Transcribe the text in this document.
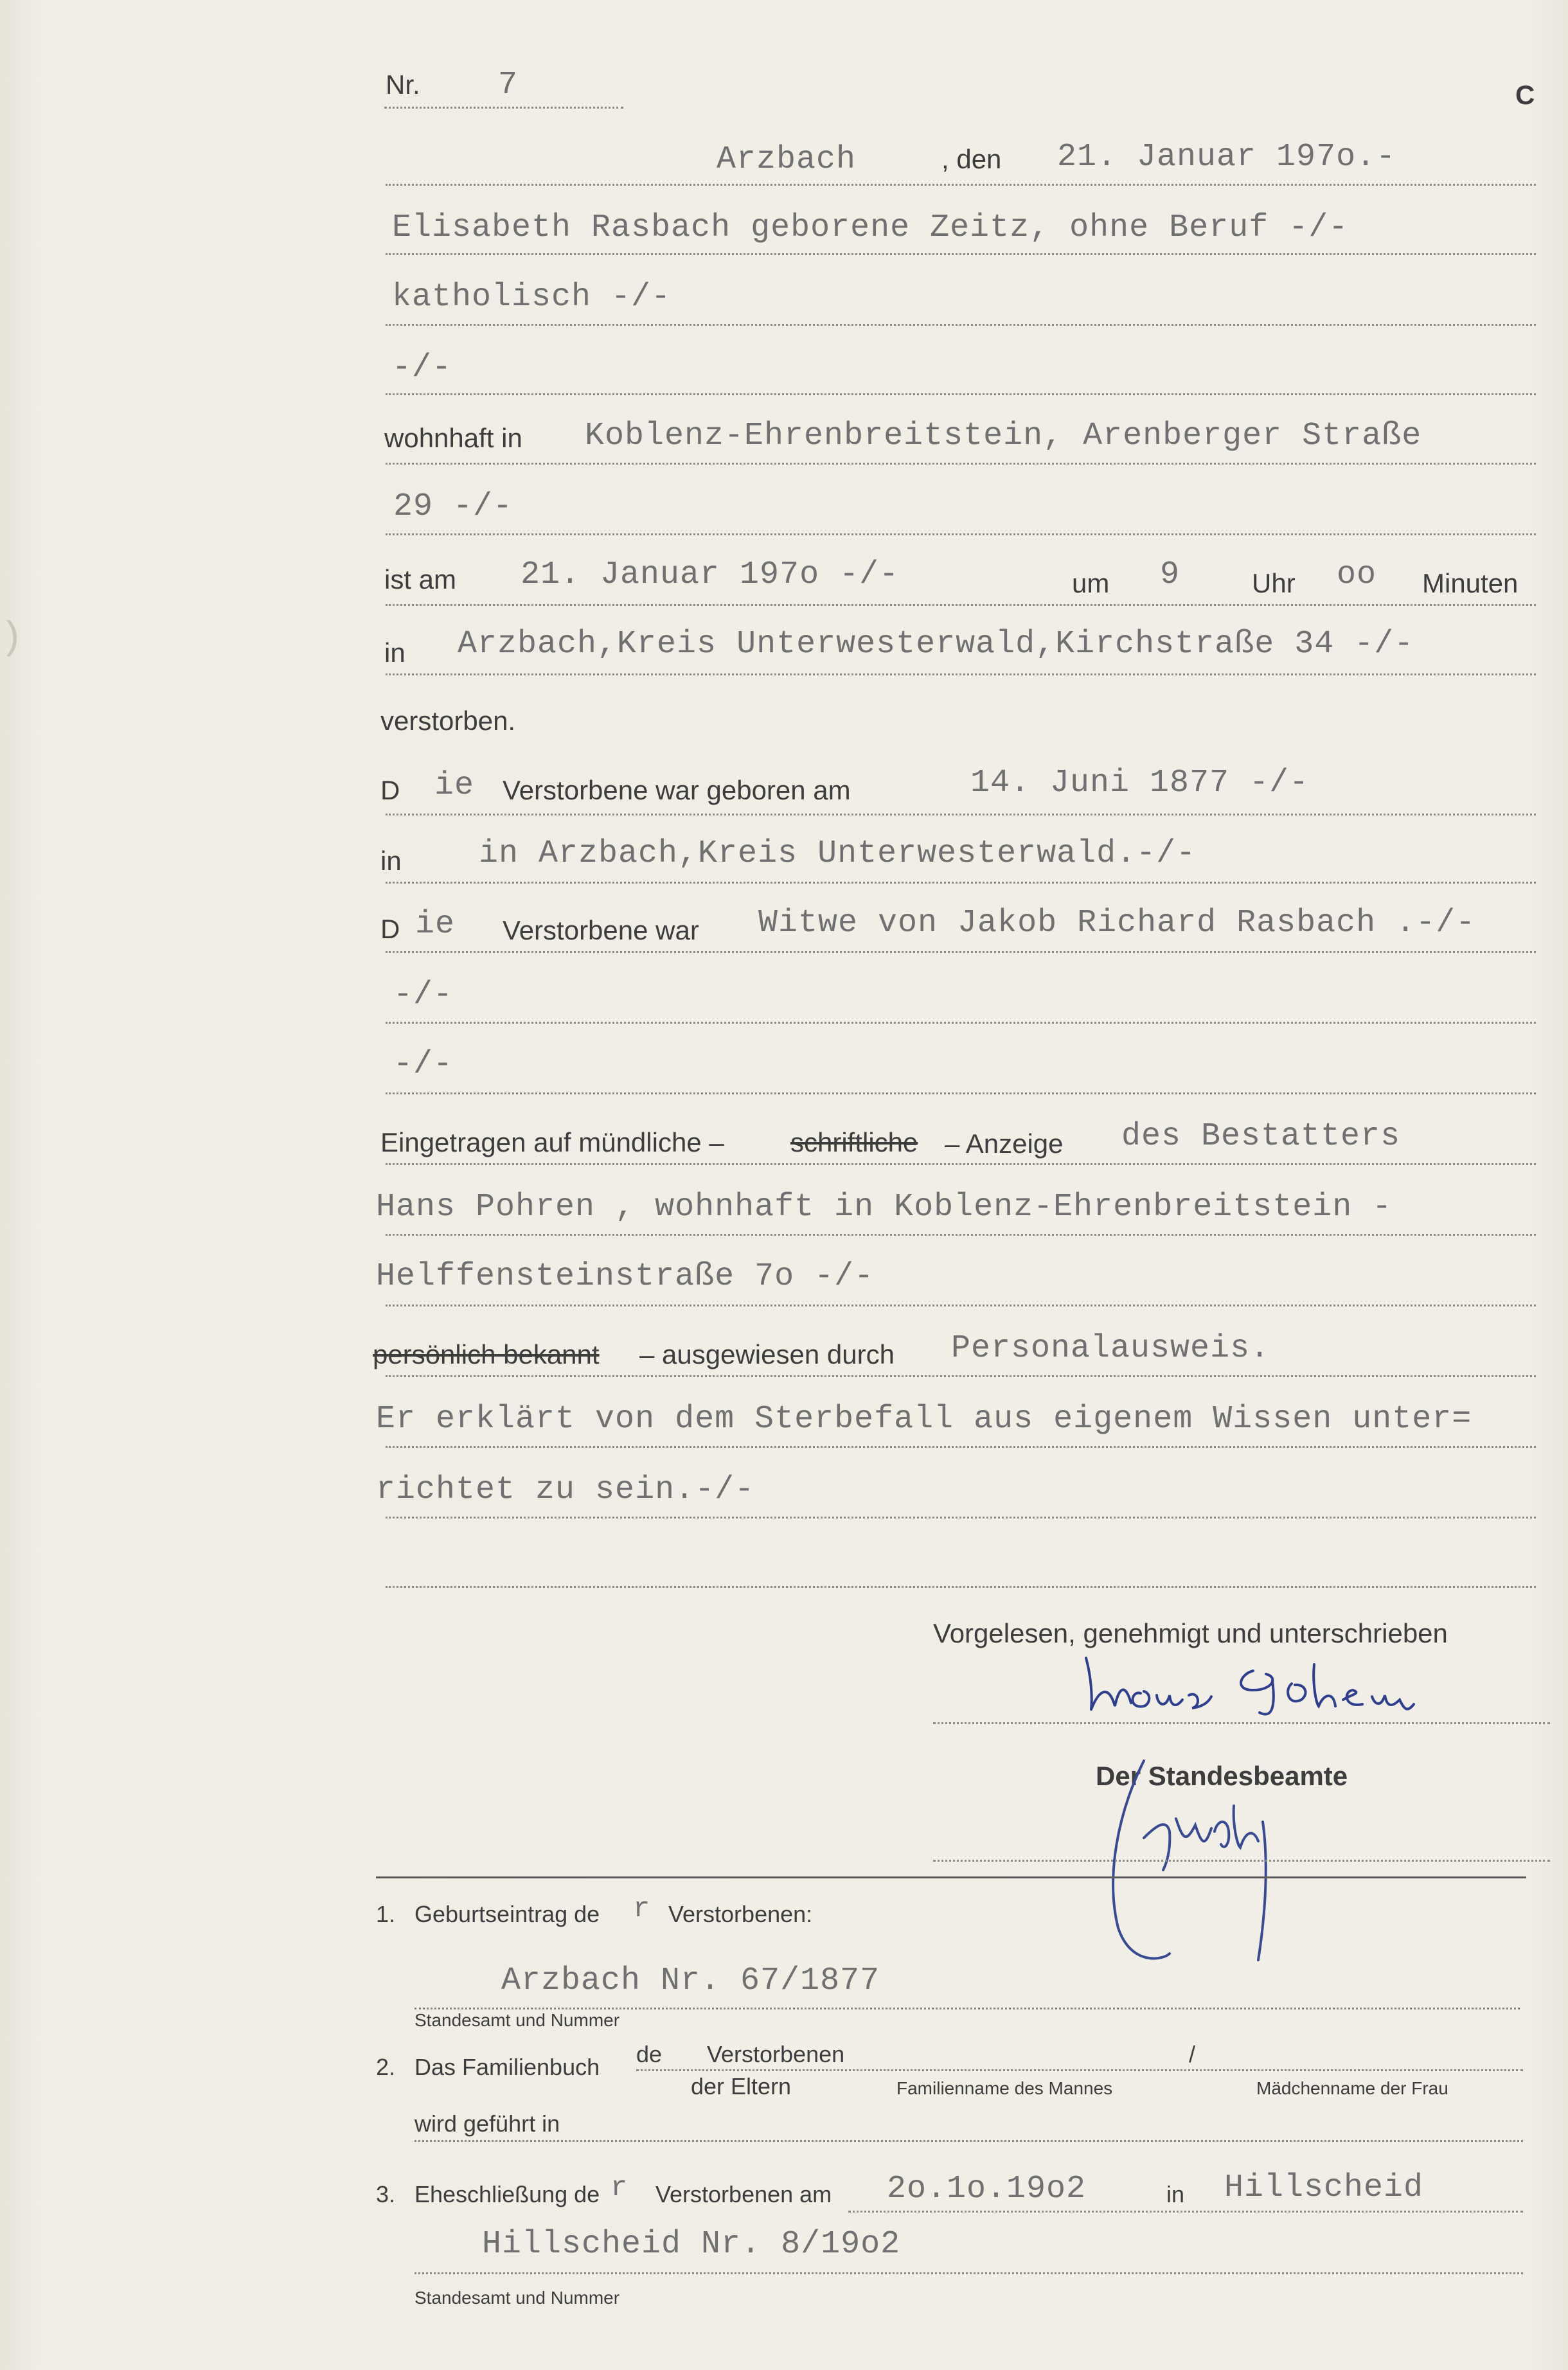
)
Nr. 7	C
Arzbach	, den 21. Januar 197o.-
Elisabeth Rasbach geborene Zeitz, ohne Beruf -/-
katholisch -/-
-/-
wohnhaft in Koblenz-Ehrenbreitstein, Arenberger Straße
29 -/-
ist am 21. Januar 197o -/-	um 9	Uhr oo Minuten
in Arzbach,Kreis Unterwesterwald,Kirchstraße 34 -/-
verstorben.
D ie Verstorbene war geboren am	14. Juni 1877 -/-
in in Arzbach,Kreis Unterwesterwald.-/-
D ie Verstorbene war Witwe von Jakob Richard Rasbach .-/-
-/-
-/-
Eingetragen auf mündliche – schriftliche – Anzeige des Bestatters
Hans Pohren , wohnhaft in Koblenz-Ehrenbreitstein -
Helffensteinstraße 7o -/-
persönlich bekannt – ausgewiesen durch Personalausweis.
Er erklärt von dem Sterbefall aus eigenem Wissen unter=
richtet zu sein.-/-
Vorgelesen, genehmigt und unterschrieben
Der Standesbeamte
1. Geburtseintrag de r Verstorbenen:
Arzbach Nr. 67/1877
Standesamt und Nummer
2. Das Familienbuch de Verstorbenen	/
der Eltern	Familienname des Mannes	Mädchenname der Frau
wird geführt in
3. Eheschließung de r Verstorbenen am 2o.1o.19o2	in Hillscheid
Hillscheid Nr. 8/19o2
Standesamt und Nummer
